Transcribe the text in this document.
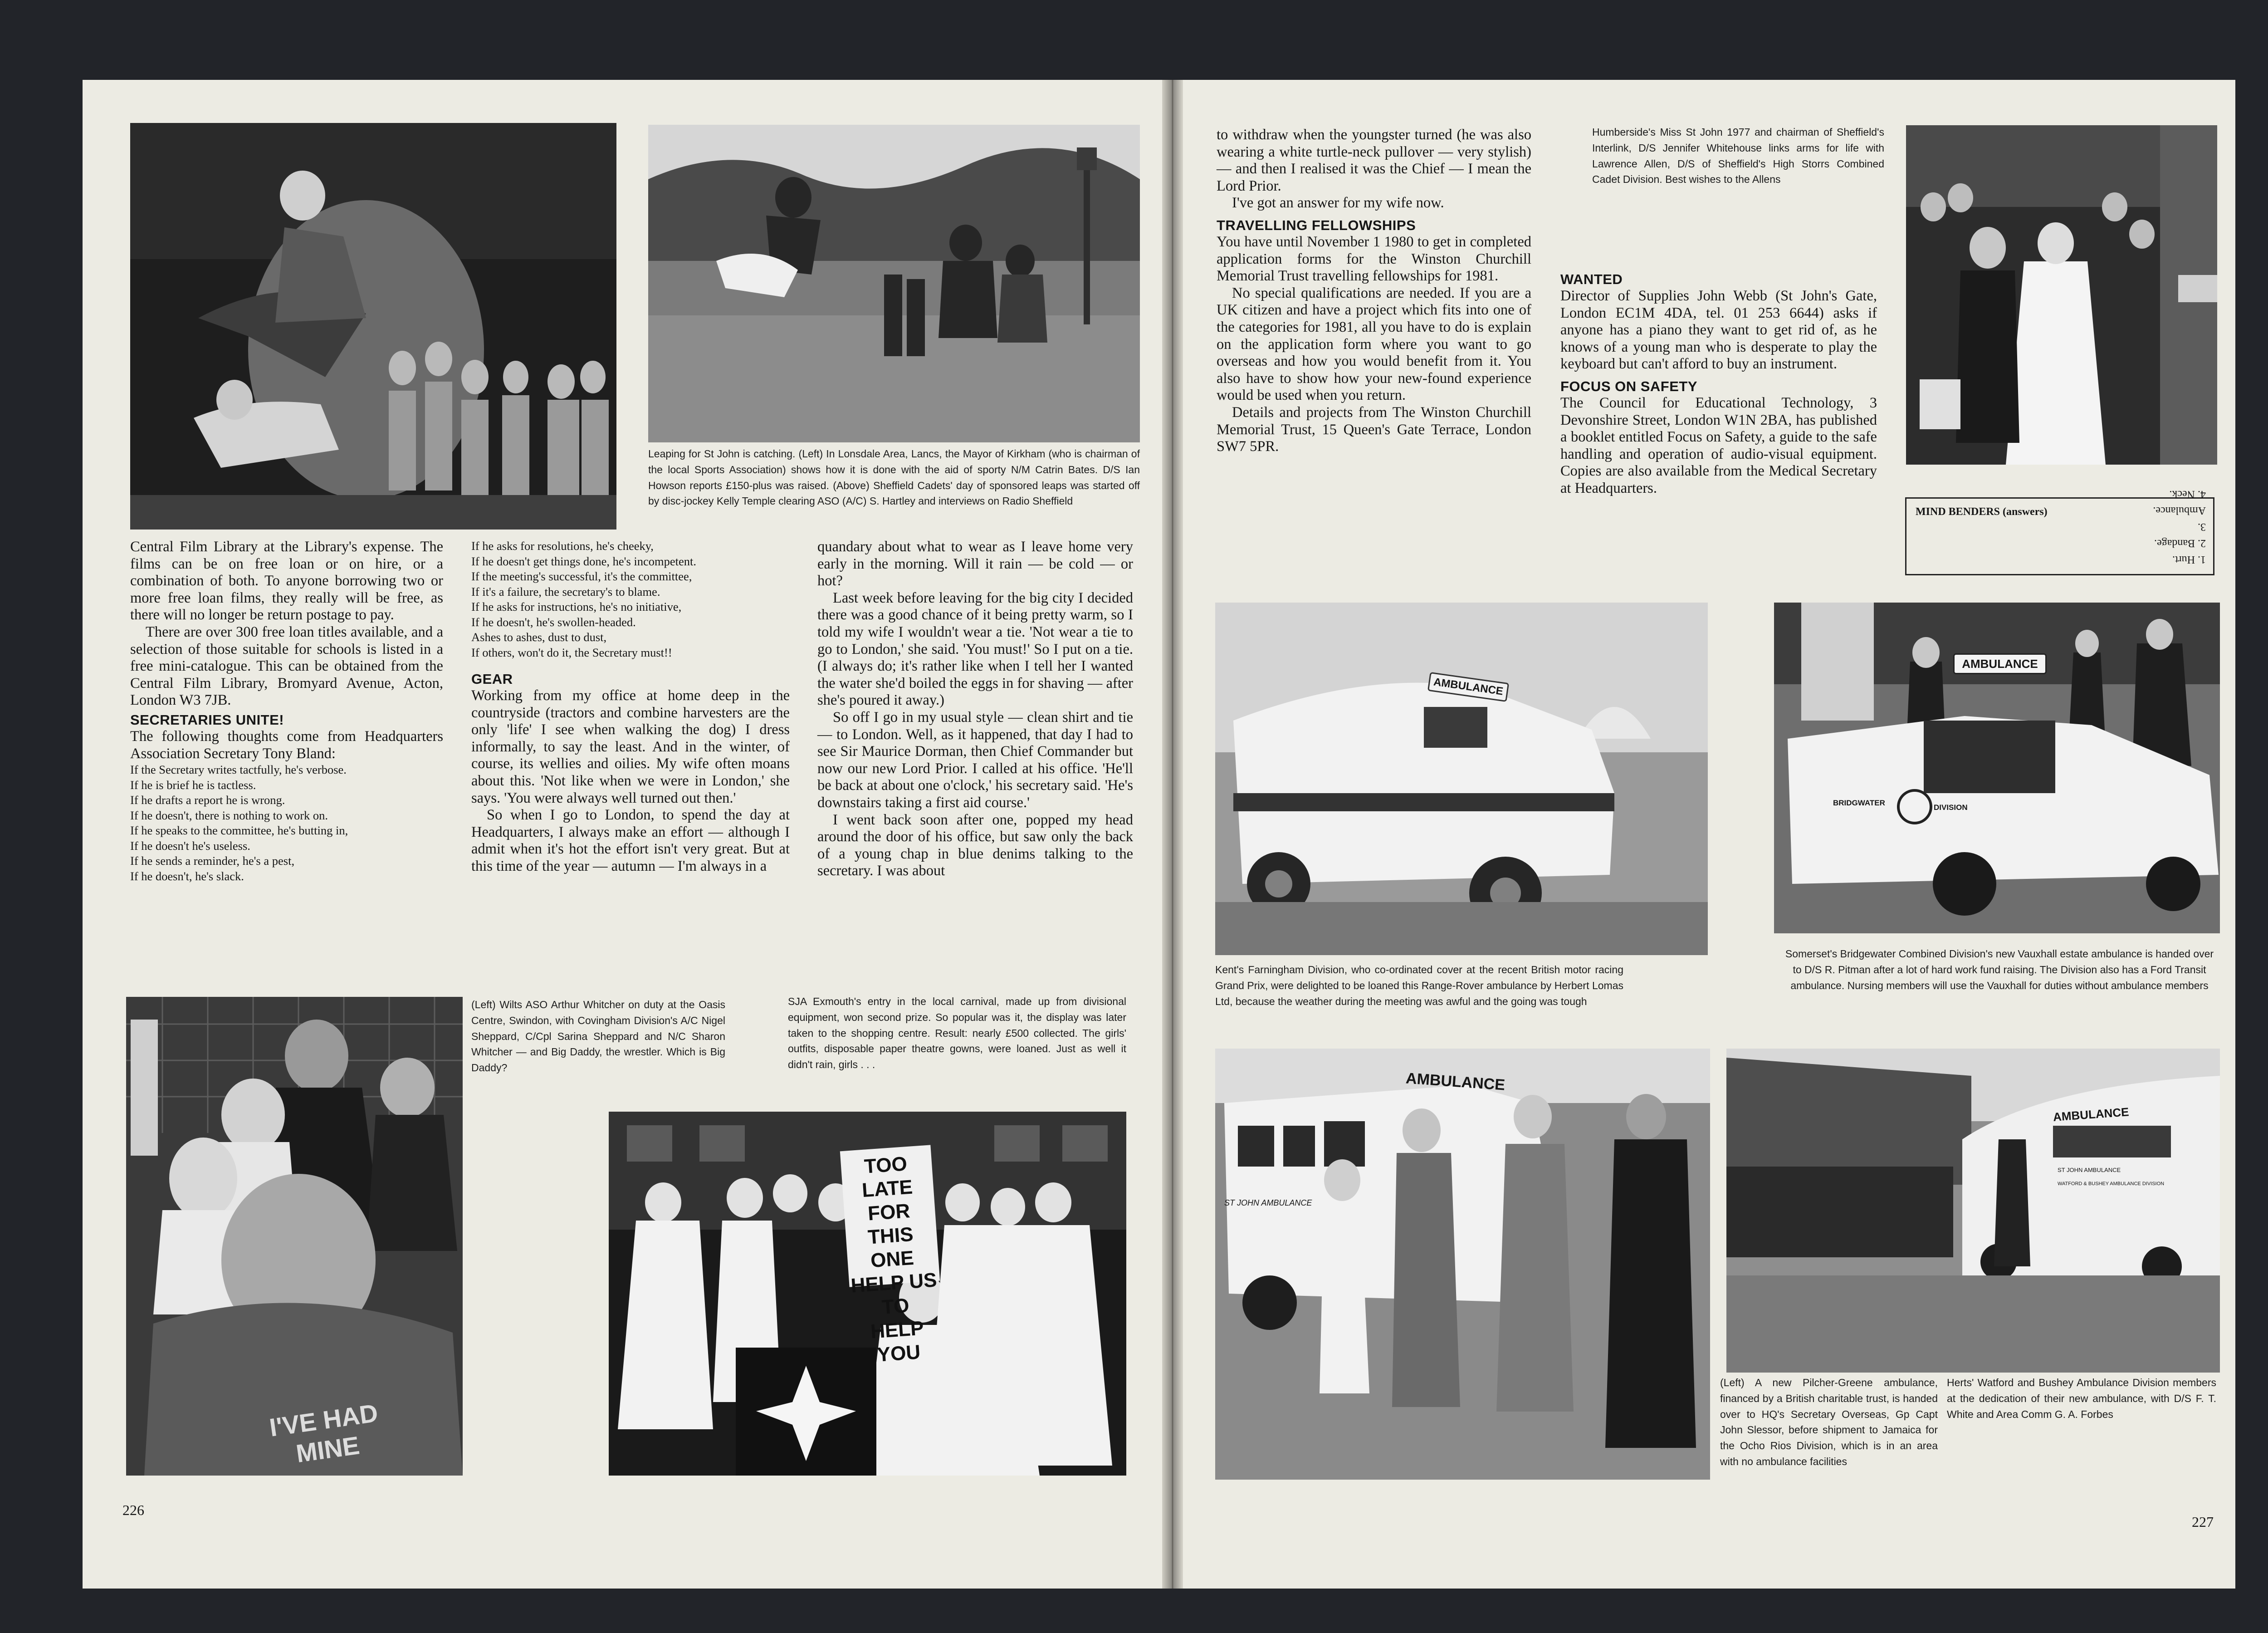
Leaping for St John is catching. (Left) In Lonsdale Area, Lancs, the Mayor of Kirkham (who is chairman of the local Sports Association) shows how it is done with the aid of sporty N/M Catrin Bates. D/S Ian Howson reports £150-plus was raised. (Above) Sheffield Cadets' day of sponsored leaps was started off by disc-jockey Kelly Temple clearing ASO (A/C) S. Hartley and interviews on Radio Sheffield

Central Film Library at the Library's expense. The films can be on free loan or on hire, or a combination of both. To anyone borrowing two or more free loan films, they really will be free, as there will no longer be return postage to pay.

There are over 300 free loan titles available, and a selection of those suitable for schools is listed in a free mini-catalogue. This can be obtained from the Central Film Library, Bromyard Avenue, Acton, London W3 7JB.

SECRETARIES UNITE!

The following thoughts come from Headquarters Association Secretary Tony Bland:

If the Secretary writes tactfully, he's verbose.
If he is brief he is tactless.
If he drafts a report he is wrong.
If he doesn't, there is nothing to work on.
If he speaks to the committee, he's butting in,
If he doesn't he's useless.
If he sends a reminder, he's a pest,
If he doesn't, he's slack.
If he asks for resolutions, he's cheeky,
If he doesn't get things done, he's incompetent.
If the meeting's successful, it's the committee,
If it's a failure, the secretary's to blame.
If he asks for instructions, he's no initiative,
If he doesn't, he's swollen-headed.
Ashes to ashes, dust to dust,
If others, won't do it, the Secretary must!!
GEAR

Working from my office at home deep in the countryside (tractors and combine harvesters are the only 'life' I see when walking the dog) I dress informally, to say the least. And in the winter, of course, its wellies and oilies. My wife often moans about this. 'Not like when we were in London,' she says. 'You were always well turned out then.'

So when I go to London, to spend the day at Headquarters, I always make an effort — although I admit when it's hot the effort isn't very great. But at this time of the year — autumn — I'm always in a

quandary about what to wear as I leave home very early in the morning. Will it rain — be cold — or hot?

Last week before leaving for the big city I decided there was a good chance of it being pretty warm, so I told my wife I wouldn't wear a tie. 'Not wear a tie to go to London,' she said. 'You must!' So I put on a tie. (I always do; it's rather like when I tell her I wanted the water she'd boiled the eggs in for shaving — after she's poured it away.)

So off I go in my usual style — clean shirt and tie — to London. Well, as it happened, that day I had to see Sir Maurice Dorman, then Chief Commander but now our new Lord Prior. I called at his office. 'He'll be back at about one o'clock,' his secretary said. 'He's downstairs taking a first aid course.'

I went back soon after one, popped my head around the door of his office, but saw only the back of a young chap in blue denims talking to the secretary. I was about

I'VE HAD MINE
(Left) Wilts ASO Arthur Whitcher on duty at the Oasis Centre, Swindon, with Covingham Division's A/C Nigel Sheppard, C/Cpl Sarina Sheppard and N/C Sharon Whitcher — and Big Daddy, the wrestler. Which is Big Daddy?
SJA Exmouth's entry in the local carnival, made up from divisional equipment, won second prize. So popular was it, the display was later taken to the shopping centre. Result: nearly £500 collected. The girls' outfits, disposable paper theatre gowns, were loaned. Just as well it didn't rain, girls . . .
TOO LATE FOR
THIS ONE
HELP US TO
HELP YOU
226

to withdraw when the youngster turned (he was also wearing a white turtle-neck pullover — very stylish) — and then I realised it was the Chief — I mean the Lord Prior.

I've got an answer for my wife now.

TRAVELLING FELLOWSHIPS

You have until November 1 1980 to get in completed application forms for the Winston Churchill Memorial Trust travelling fellowships for 1981.

No special qualifications are needed. If you are a UK citizen and have a project which fits into one of the categories for 1981, all you have to do is explain on the application form where you want to go overseas and how you would benefit from it. You also have to show how your new-found experience would be used when you return.

Details and projects from The Winston Churchill Memorial Trust, 15 Queen's Gate Terrace, London SW7 5PR.

Humberside's Miss St John 1977 and chairman of Sheffield's Interlink, D/S Jennifer Whitehouse links arms for life with Lawrence Allen, D/S of Sheffield's High Storrs Combined Cadet Division. Best wishes to the Allens
WANTED

Director of Supplies John Webb (St John's Gate, London EC1M 4DA, tel. 01 253 6644) asks if anyone has a piano they want to get rid of, as he knows of a young man who is desperate to play the keyboard but can't afford to buy an instrument.

FOCUS ON SAFETY

The Council for Educational Technology, 3 Devonshire Street, London W1N 2BA, has published a booklet entitled Focus on Safety, a guide to the safe handling and operation of audio-visual equipment. Copies are also available from the Medical Secretary at Headquarters.

MIND BENDERS (answers)
1. Hurt.
2. Bandage.
3. Ambulance.
4. Neck.
AMBULANCE
Kent's Farningham Division, who co-ordinated cover at the recent British motor racing Grand Prix, were delighted to be loaned this Range-Rover ambulance by Herbert Lomas Ltd, because the weather during the meeting was awful and the going was tough
AMBULANCE
BRIDGWATER
DIVISION
Somerset's Bridgewater Combined Division's new Vauxhall estate ambulance is handed over to D/S R. Pitman after a lot of hard work fund raising. The Division also has a Ford Transit ambulance. Nursing members will use the Vauxhall for duties without ambulance members
AMBULANCE
ST JOHN AMBULANCE
AMBULANCE
ST JOHN AMBULANCE
WATFORD & BUSHEY AMBULANCE DIVISION
(Left) A new Pilcher-Greene ambulance, financed by a British charitable trust, is handed over to HQ's Secretary Overseas, Gp Capt John Slessor, before shipment to Jamaica for the Ocho Rios Division, which is in an area with no ambulance facilities
Herts' Watford and Bushey Ambulance Division members at the dedication of their new ambulance, with D/S F. T. White and Area Comm G. A. Forbes
227
